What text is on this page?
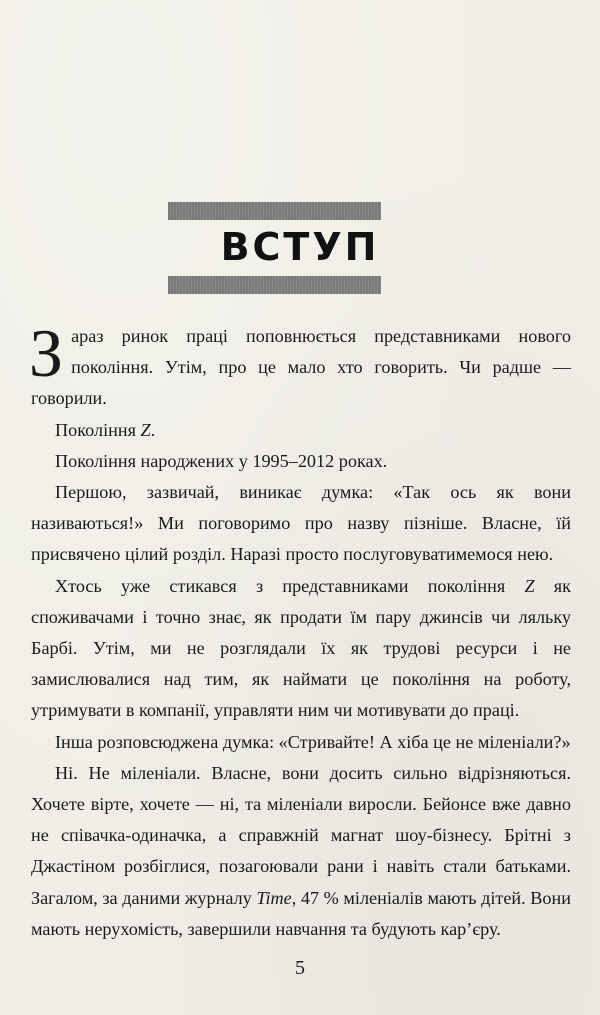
ВСТУП

Зараз ринок праці поповнюється представниками нового покоління. Утім, про це мало хто говорить. Чи радше — говорили.

Покоління Z.

Покоління народжених у 1995–2012 роках.

Першою, зазвичай, виникає думка: «Так ось як вони називаються!» Ми поговоримо про назву пізніше. Власне, їй присвячено цілий розділ. Наразі просто послуговуватимемося нею.

Хтось уже стикався з представниками покоління Z як споживачами і точно знає, як продати їм пару джинсів чи ляльку Барбі. Утім, ми не розглядали їх як трудові ресурси і не замислювалися над тим, як наймати це покоління на роботу, утримувати в компанії, управляти ним чи мотивувати до праці.

Інша розповсюджена думка: «Стривайте! А хіба це не міленіали?»

Ні. Не міленіали. Власне, вони досить сильно відрізняються. Хочете вірте, хочете — ні, та міленіали виросли. Бейонсе вже давно не співачка-одиначка, а справжній магнат шоу-бізнесу. Брітні з Джастіном розбіглися, позагоювали рани і навіть стали батьками. Загалом, за даними журналу Time, 47 % міленіалів мають дітей. Вони мають нерухомість, завершили навчання та будують кар’єру.

5
